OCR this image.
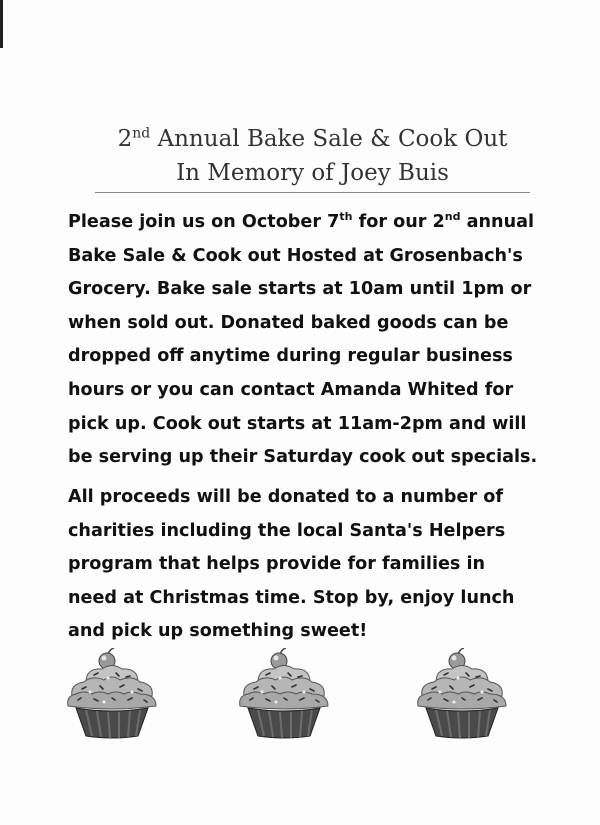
2nd Annual Bake Sale & Cook Out
In Memory of Joey Buis

Please join us on October 7th for our 2nd annual Bake Sale & Cook out Hosted at Grosenbach's Grocery. Bake sale starts at 10am until 1pm or when sold out. Donated baked goods can be dropped off anytime during regular business hours or you can contact Amanda Whited for pick up. Cook out starts at 11am-2pm and will be serving up their Saturday cook out specials.

All proceeds will be donated to a number of charities including the local Santa's Helpers program that helps provide for families in need at Christmas time. Stop by, enjoy lunch and pick up something sweet!
